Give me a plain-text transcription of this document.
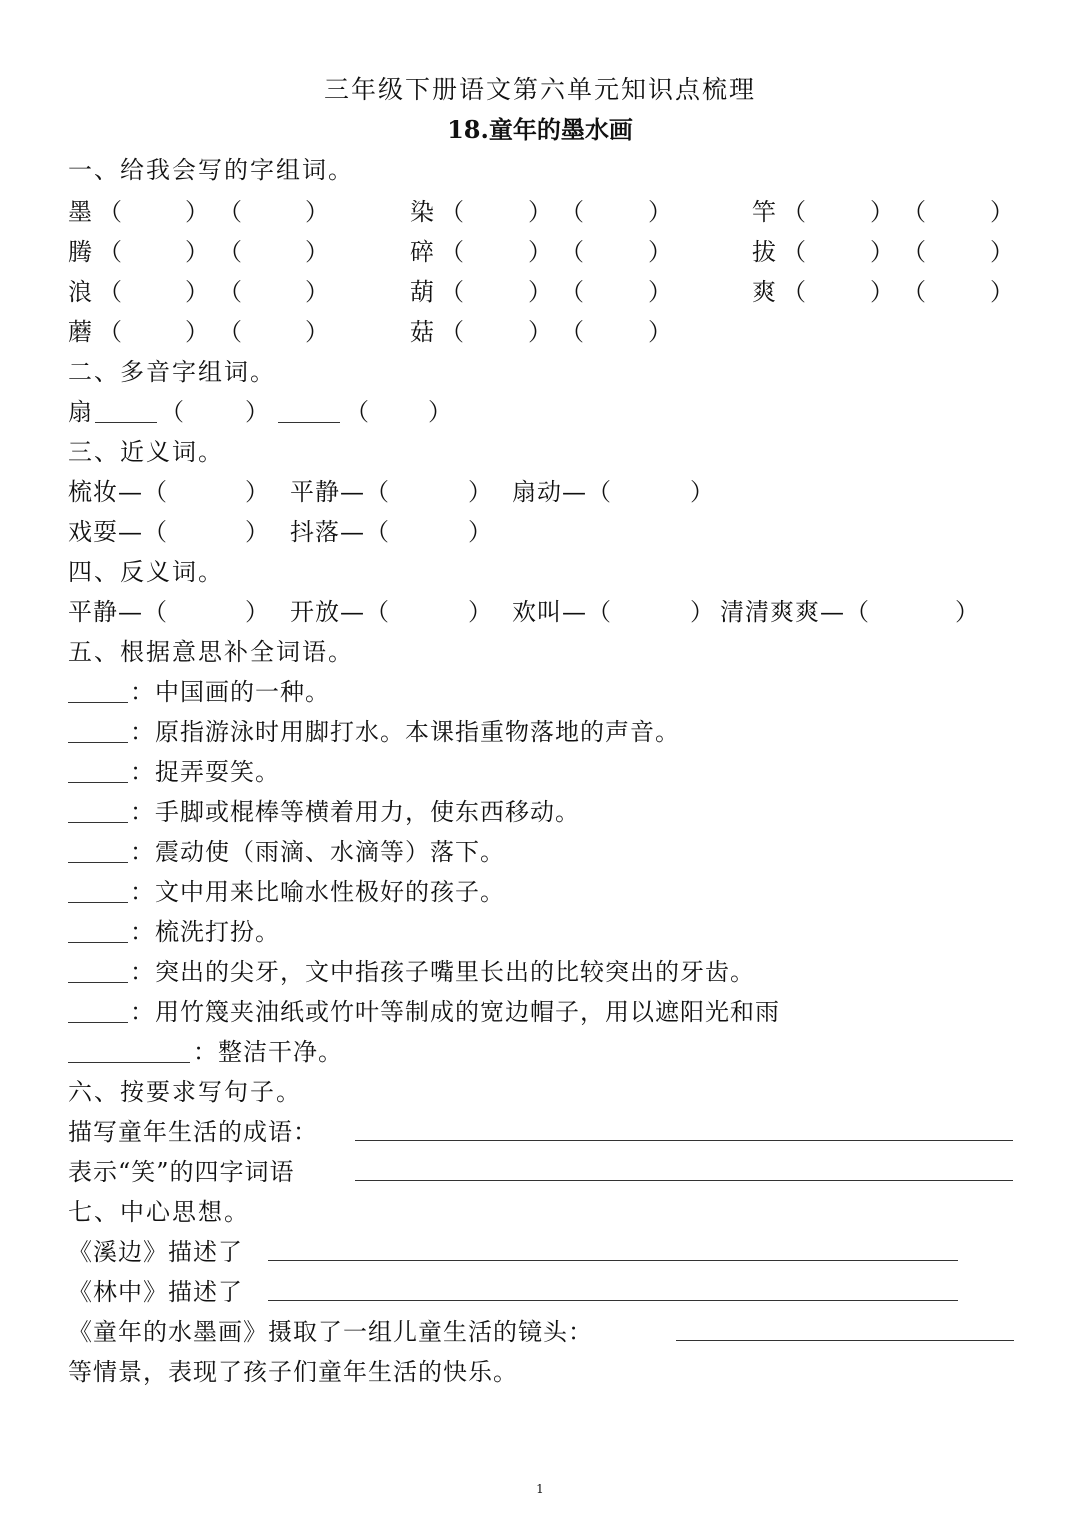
三年级下册语文第六单元知识点梳理
18.童年的墨水画
一、给我会写的字组词。
墨 （	） （	）	染 （	） （	）	竿 （	） （	）
腾 （	） （	）	碎 （	） （	）	拔 （	） （	）
浪 （	） （	）	葫 （	） （	）	爽 （	） （	）
蘑 （	） （	）	菇 （	） （	）
二、多音字组词。
扇	（	）	（ ）
三、近义词。
梳妆—（	） 平静—（	） 扇动—（	）
戏耍—（	） 抖落—（	）
四、反义词。
平静—（	） 开放—（	） 欢叫—（	） 清清爽爽—（	）
五、根据意思补全词语。
：中国画的一种。
：原指游泳时用脚打水。本课指重物落地的声音。
：捉弄耍笑。
：手脚或棍棒等横着用力，使东西移动。
：震动使（雨滴、水滴等）落下。
：文中用来比喻水性极好的孩子。
：梳洗打扮。
：突出的尖牙，文中指孩子嘴里长出的比较突出的牙齿。
：用竹篾夹油纸或竹叶等制成的宽边帽子，用以遮阳光和雨
：整洁干净。
六、按要求写句子。
描写童年生活的成语：
表示“笑”的四字词语
七、中心思想。
《溪边》描述了
《林中》描述了
《童年的水墨画》摄取了一组儿童生活的镜头：
等情景，表现了孩子们童年生活的快乐。
1
